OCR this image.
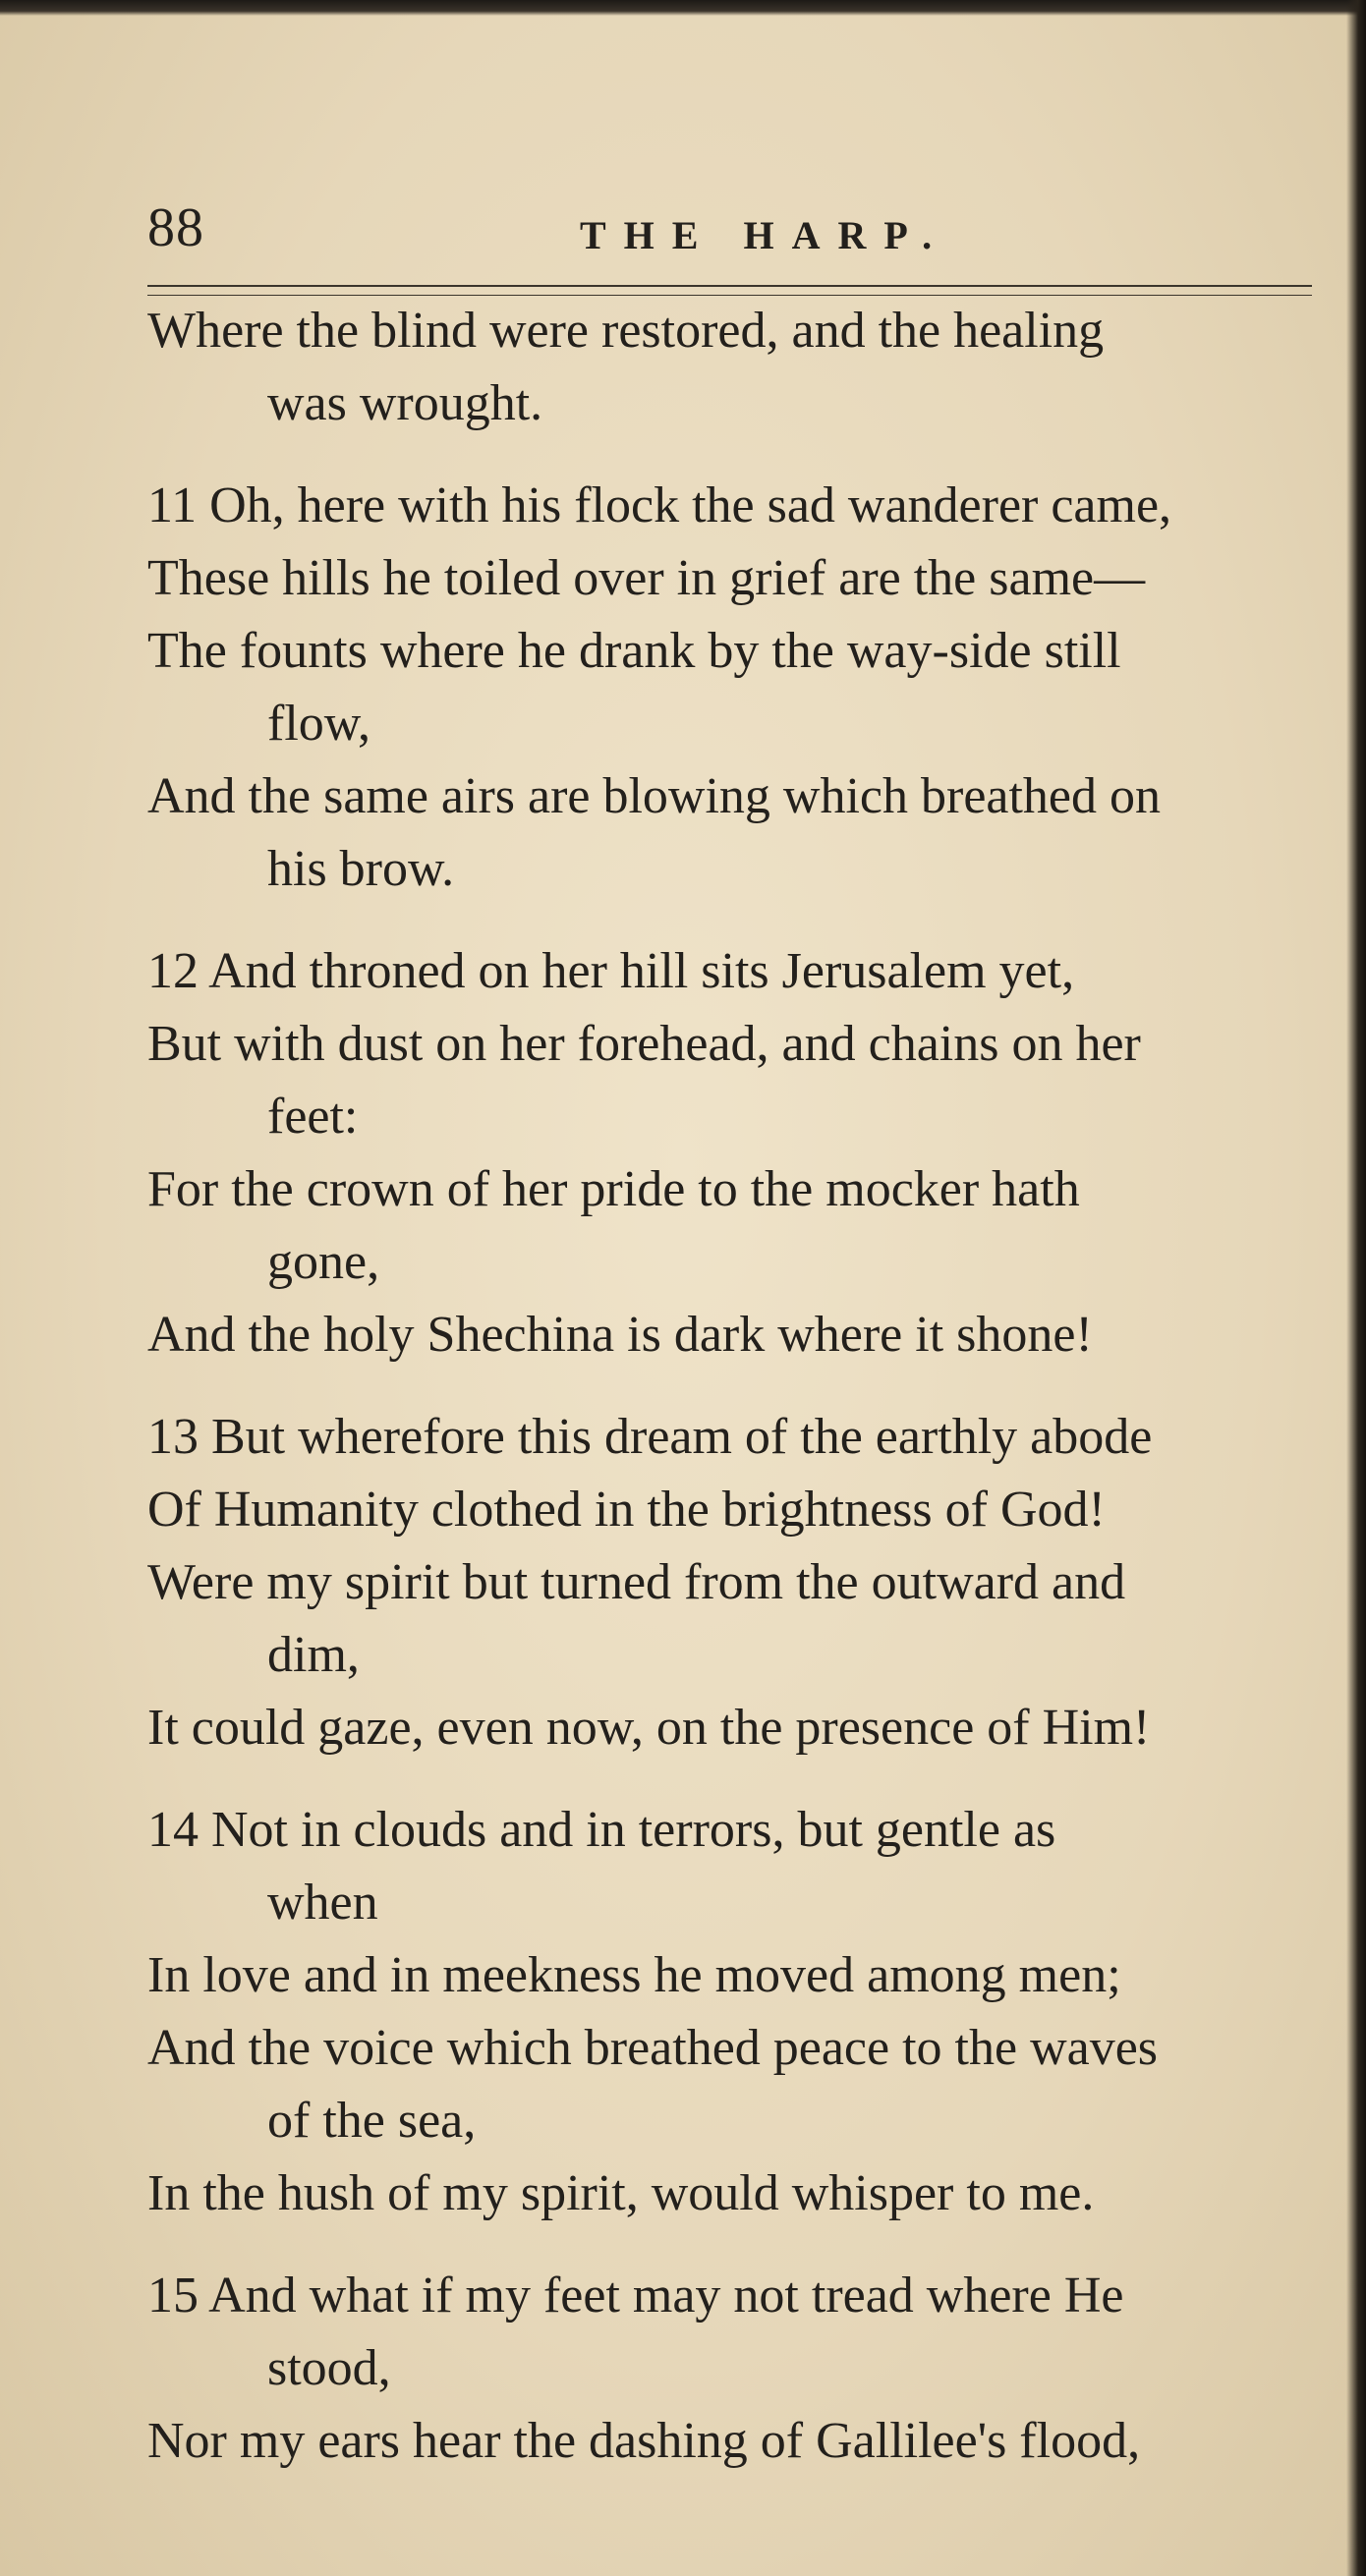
88	THE HARP.
Where the blind were restored, and the healing
was wrought.
11 Oh, here with his flock the sad wanderer came,
These hills he toiled over in grief are the same—
The founts where he drank by the way-side still
flow,
And the same airs are blowing which breathed on
his brow.
12 And throned on her hill sits Jerusalem yet,
But with dust on her forehead, and chains on her
feet:
For the crown of her pride to the mocker hath
gone,
And the holy Shechina is dark where it shone!
13 But wherefore this dream of the earthly abode
Of Humanity clothed in the brightness of God!
Were my spirit but turned from the outward and
dim,
It could gaze, even now, on the presence of Him!
14 Not in clouds and in terrors, but gentle as
when
In love and in meekness he moved among men;
And the voice which breathed peace to the waves
of the sea,
In the hush of my spirit, would whisper to me.
15 And what if my feet may not tread where He
stood,
Nor my ears hear the dashing of Gallilee's flood,
